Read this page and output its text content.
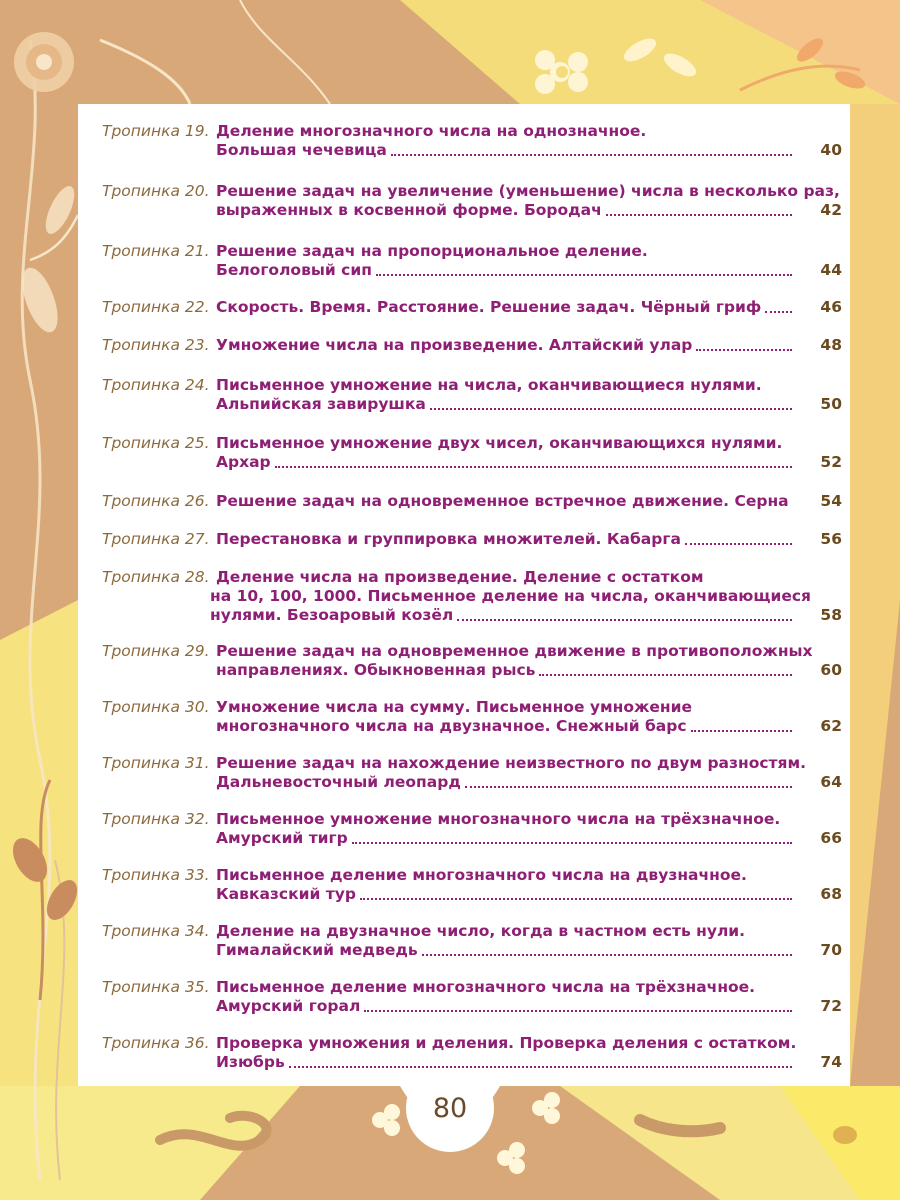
Тропинка 19. Деление многозначного числа на однозначное.
Большая чечевица	40
Тропинка 20. Решение задач на увеличение (уменьшение) числа в несколько раз,
выраженных в косвенной форме. Бородач	42
Тропинка 21. Решение задач на пропорциональное деление.
Белоголовый сип	44
Тропинка 22. Скорость. Время. Расстояние. Решение задач. Чёрный гриф	46
Тропинка 23. Умножение числа на произведение. Алтайский улар	48
Тропинка 24. Письменное умножение на числа, оканчивающиеся нулями.
Альпийская завирушка	50
Тропинка 25. Письменное умножение двух чисел, оканчивающихся нулями.
Архар	52
Тропинка 26. Решение задач на одновременное встречное движение. Серна 54
Тропинка 27. Перестановка и группировка множителей. Кабарга	56
Тропинка 28. Деление числа на произведение. Деление с остатком
на 10, 100, 1000. Письменное деление на числа, оканчивающиеся
нулями. Безоаровый козёл	58
Тропинка 29. Решение задач на одновременное движение в противоположных
направлениях. Обыкновенная рысь	60
Тропинка 30. Умножение числа на сумму. Письменное умножение
многозначного числа на двузначное. Снежный барс	62
Тропинка 31. Решение задач на нахождение неизвестного по двум разностям.
Дальневосточный леопард	64
Тропинка 32. Письменное умножение многозначного числа на трёхзначное.
Амурский тигр	66
Тропинка 33. Письменное деление многозначного числа на двузначное.
Кавказский тур	68
Тропинка 34. Деление на двузначное число, когда в частном есть нули.
Гималайский медведь	70
Тропинка 35. Письменное деление многозначного числа на трёхзначное.
Амурский горал	72
Тропинка 36. Проверка умножения и деления. Проверка деления с остатком.
Изюбрь	74
80
